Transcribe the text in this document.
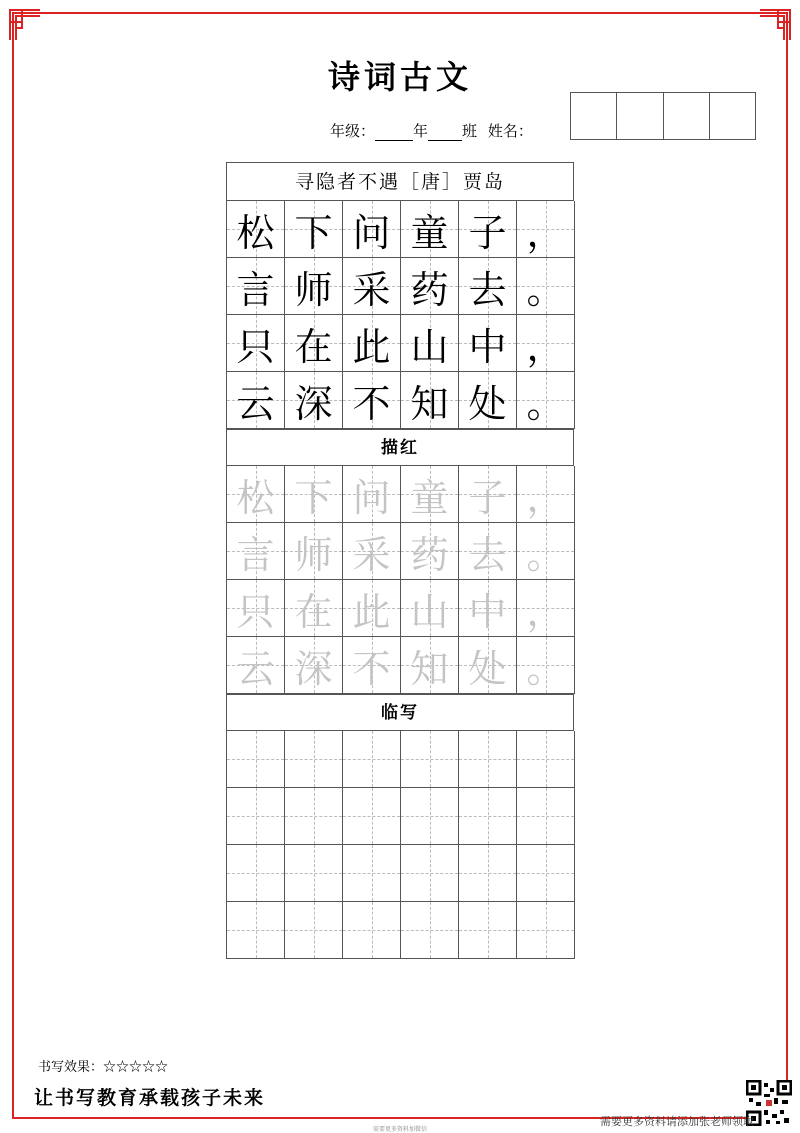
诗词古文
年级：	年 班 姓名：
寻隐者不遇［唐］贾岛
松 下 问 童 子 ，
言 师 采 药 去 。
只 在 此 山 中 ，
云 深 不 知 处 。
描红
松 下 问 童 子 ，
言 师 采 药 去 。
只 在 此 山 中 ，
云 深 不 知 处 。
临写
书写效果：☆☆☆☆☆
让书写教育承载孩子未来
需要更多资料请添加张老师领取
需要更多资料加微信
